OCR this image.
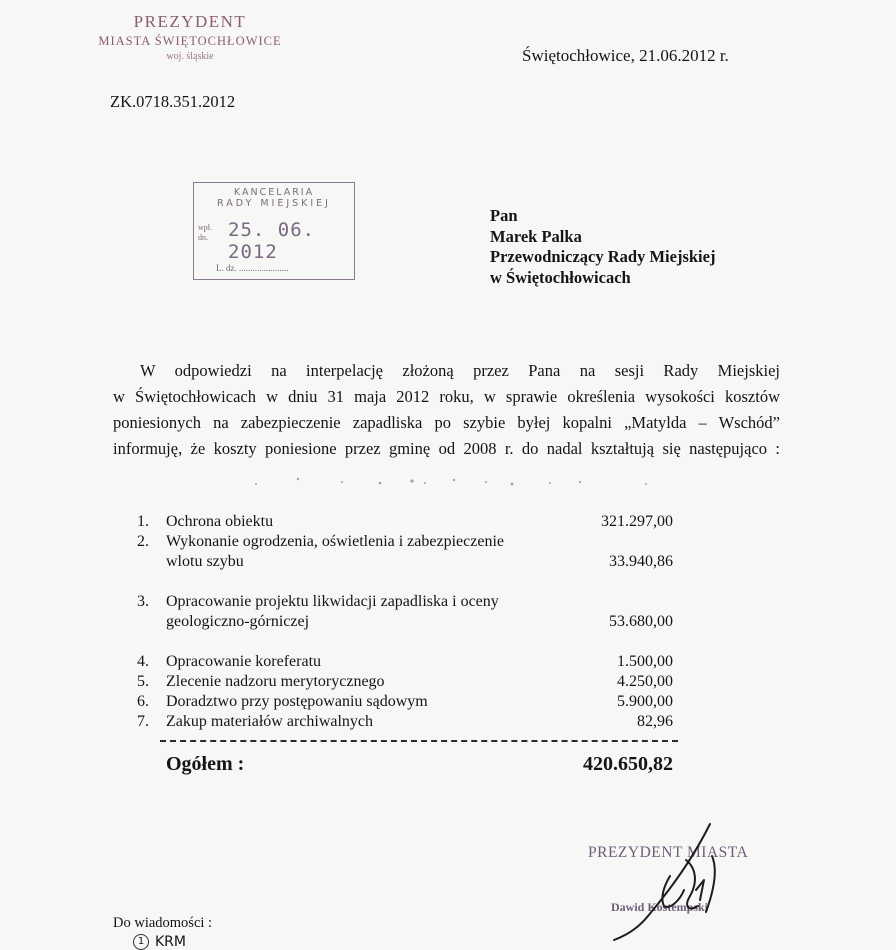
PREZYDENT
MIASTA ŚWIĘTOCHŁOWICE
woj. śląskie	Świętochłowice, 21.06.2012 r.
ZK.0718.351.2012
KANCELARIA
RADY MIEJSKIEJ
wpł.
dn. 25. 06. 2012
L. dz. ......................
Pan
Marek Palka
Przewodniczący Rady Miejskiej
w Świętochłowicach
W odpowiedzi na interpelację złożoną przez Pana na sesji Rady Miejskiej
w Świętochłowicach w dniu 31 maja 2012 roku, w sprawie określenia wysokości kosztów
poniesionych na zabezpieczenie zapadliska po szybie byłej kopalni „Matylda – Wschód”
informuję, że koszty poniesione przez gminę od 2008 r. do nadal kształtują się następująco :
1. Ochrona obiektu	321.297,00
2. Wykonanie ogrodzenia, oświetlenia i zabezpieczenie
wlotu szybu	33.940,86
3. Opracowanie projektu likwidacji zapadliska i oceny
geologiczno-górniczej	53.680,00
4. Opracowanie koreferatu	1.500,00
5. Zlecenie nadzoru merytorycznego	4.250,00
6. Doradztwo przy postępowaniu sądowym	5.900,00
7. Zakup materiałów archiwalnych	82,96
Ogółem :	420.650,82
PREZYDENT MIASTA
Dawid Kostempski
Do wiadomości :
1 KRM
